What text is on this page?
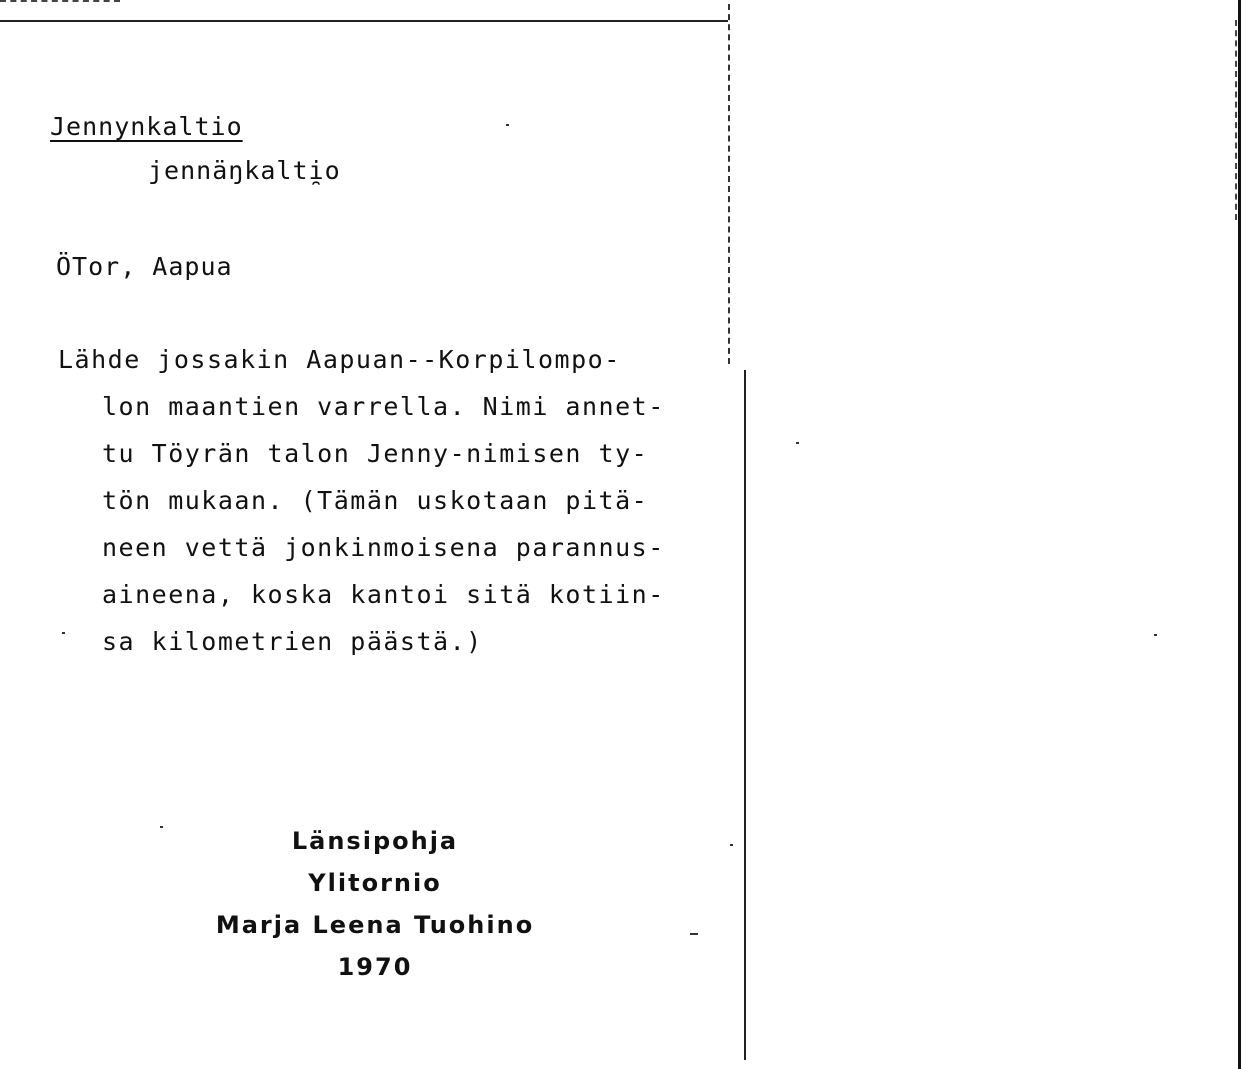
Jennynkaltio
jennäŋkalti̯o
ÖTor, Aapua
Lähde jossakin Aapuan--Korpilompo-
lon maantien varrella. Nimi annet-
tu Töyrän talon Jenny-nimisen ty-
tön mukaan. (Tämän uskotaan pitä-
neen vettä jonkinmoisena parannus-
aineena, koska kantoi sitä kotiin-
sa kilometrien päästä.)
Länsipohja
Ylitornio
Marja Leena Tuohino
1970
